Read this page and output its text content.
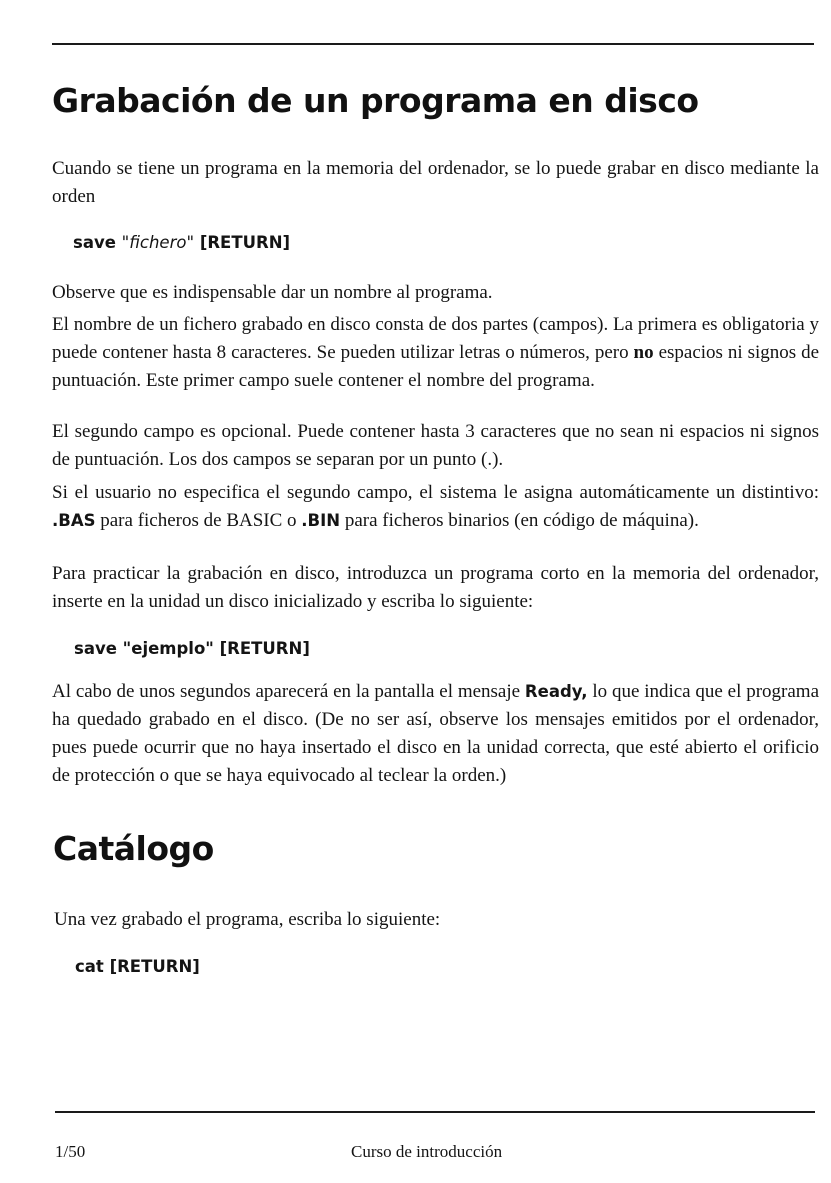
Grabación de un programa en disco

Cuando se tiene un programa en la memoria del ordenador, se lo puede grabar en disco mediante la orden

save "fichero" [RETURN]

Observe que es indispensable dar un nombre al programa.

El nombre de un fichero grabado en disco consta de dos partes (campos). La primera es obligatoria y puede contener hasta 8 caracteres. Se pueden utilizar letras o números, pero no espacios ni signos de puntuación. Este primer campo suele contener el nombre del programa.

El segundo campo es opcional. Puede contener hasta 3 caracteres que no sean ni espacios ni signos de puntuación. Los dos campos se separan por un punto (.).

Si el usuario no especifica el segundo campo, el sistema le asigna automáticamente un distintivo: .BAS para ficheros de BASIC o .BIN para ficheros binarios (en código de máquina).

Para practicar la grabación en disco, introduzca un programa corto en la memoria del ordenador, inserte en la unidad un disco inicializado y escriba lo siguiente:

save "ejemplo" [RETURN]

Al cabo de unos segundos aparecerá en la pantalla el mensaje Ready, lo que indica que el programa ha quedado grabado en el disco. (De no ser así, observe los mensajes emitidos por el ordenador, pues puede ocurrir que no haya insertado el disco en la unidad correcta, que esté abierto el orificio de protección o que se haya equivocado al teclear la orden.)

Catálogo

Una vez grabado el programa, escriba lo siguiente:

cat [RETURN]

1/50	Curso de introducción
